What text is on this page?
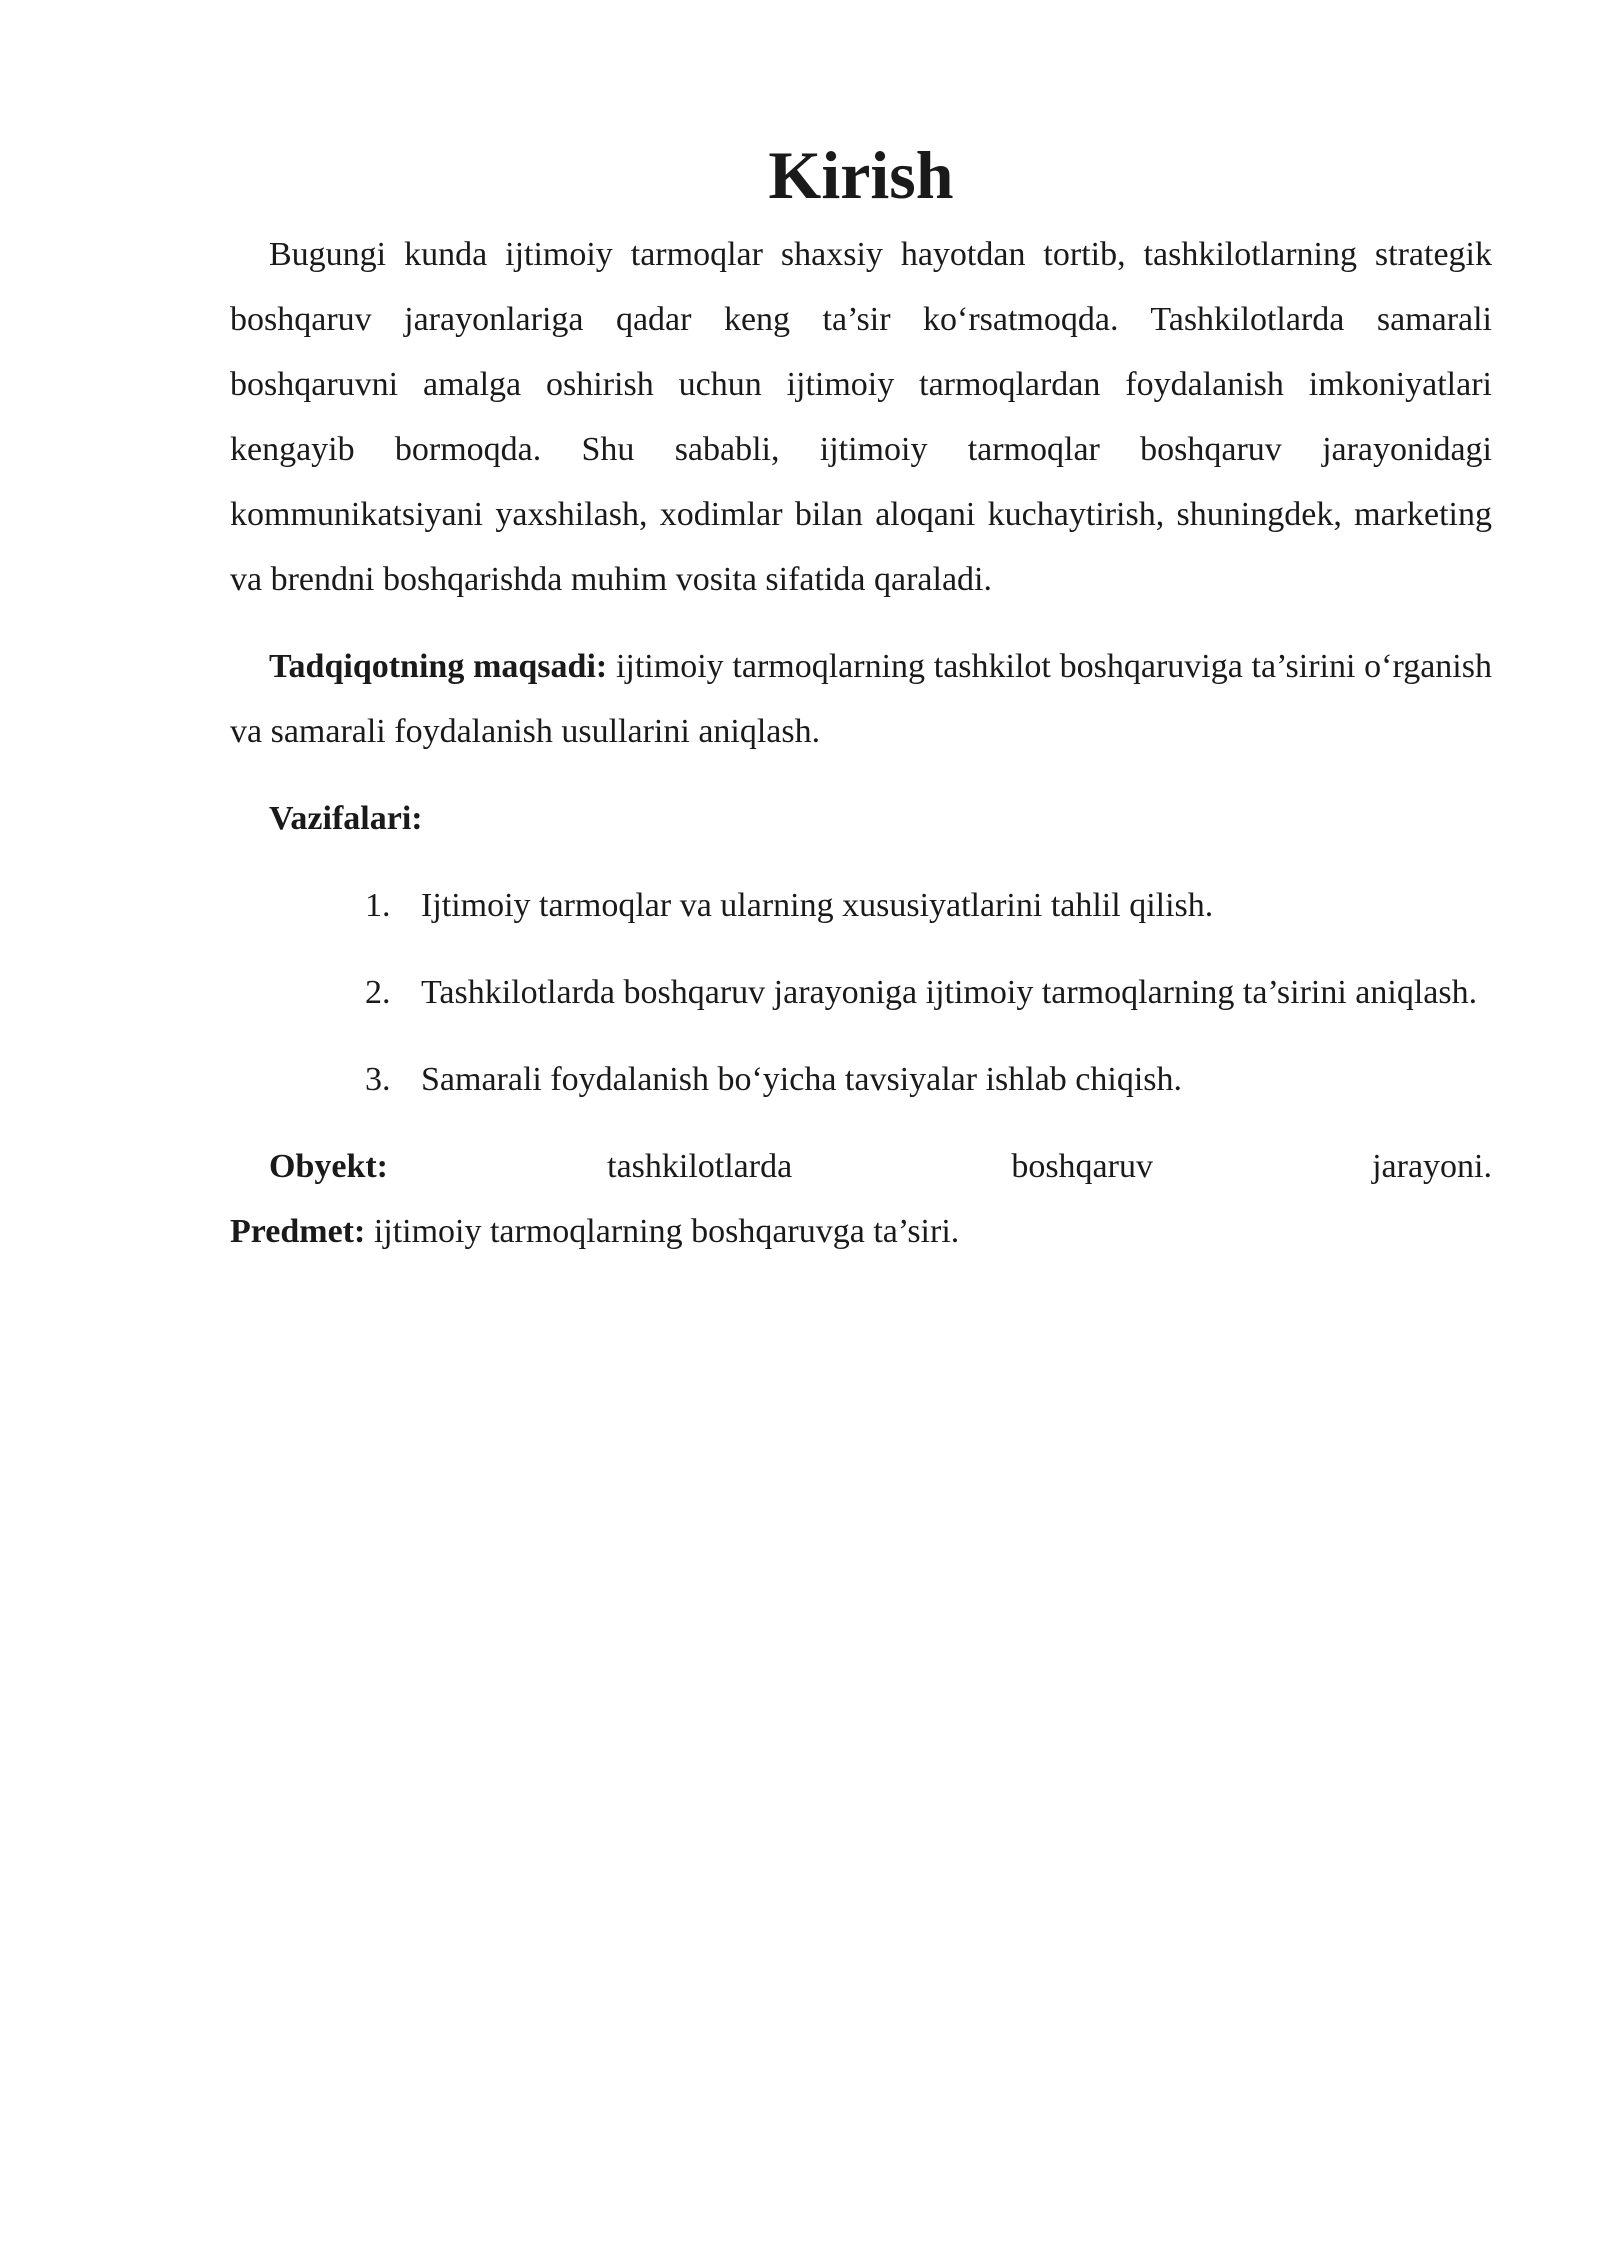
Kirish

Bugungi kunda ijtimoiy tarmoqlar shaxsiy hayotdan tortib, tashkilotlarning strategik boshqaruv jarayonlariga qadar keng ta’sir ko‘rsatmoqda. Tashkilotlarda samarali boshqaruvni amalga oshirish uchun ijtimoiy tarmoqlardan foydalanish imkoniyatlari kengayib bormoqda. Shu sababli, ijtimoiy tarmoqlar boshqaruv jarayonidagi kommunikatsiyani yaxshilash, xodimlar bilan aloqani kuchaytirish, shuningdek, marketing va brendni boshqarishda muhim vosita sifatida qaraladi.

Tadqiqotning maqsadi: ijtimoiy tarmoqlarning tashkilot boshqaruviga ta’sirini o‘rganish va samarali foydalanish usullarini aniqlash.

Vazifalari:

1. Ijtimoiy tarmoqlar va ularning xususiyatlarini tahlil qilish.
2. Tashkilotlarda boshqaruv jarayoniga ijtimoiy tarmoqlarning ta’sirini aniqlash.
3. Samarali foydalanish bo‘yicha tavsiyalar ishlab chiqish.

Obyekt: tashkilotlarda boshqaruv jarayoni.

Predmet: ijtimoiy tarmoqlarning boshqaruvga ta’siri.
